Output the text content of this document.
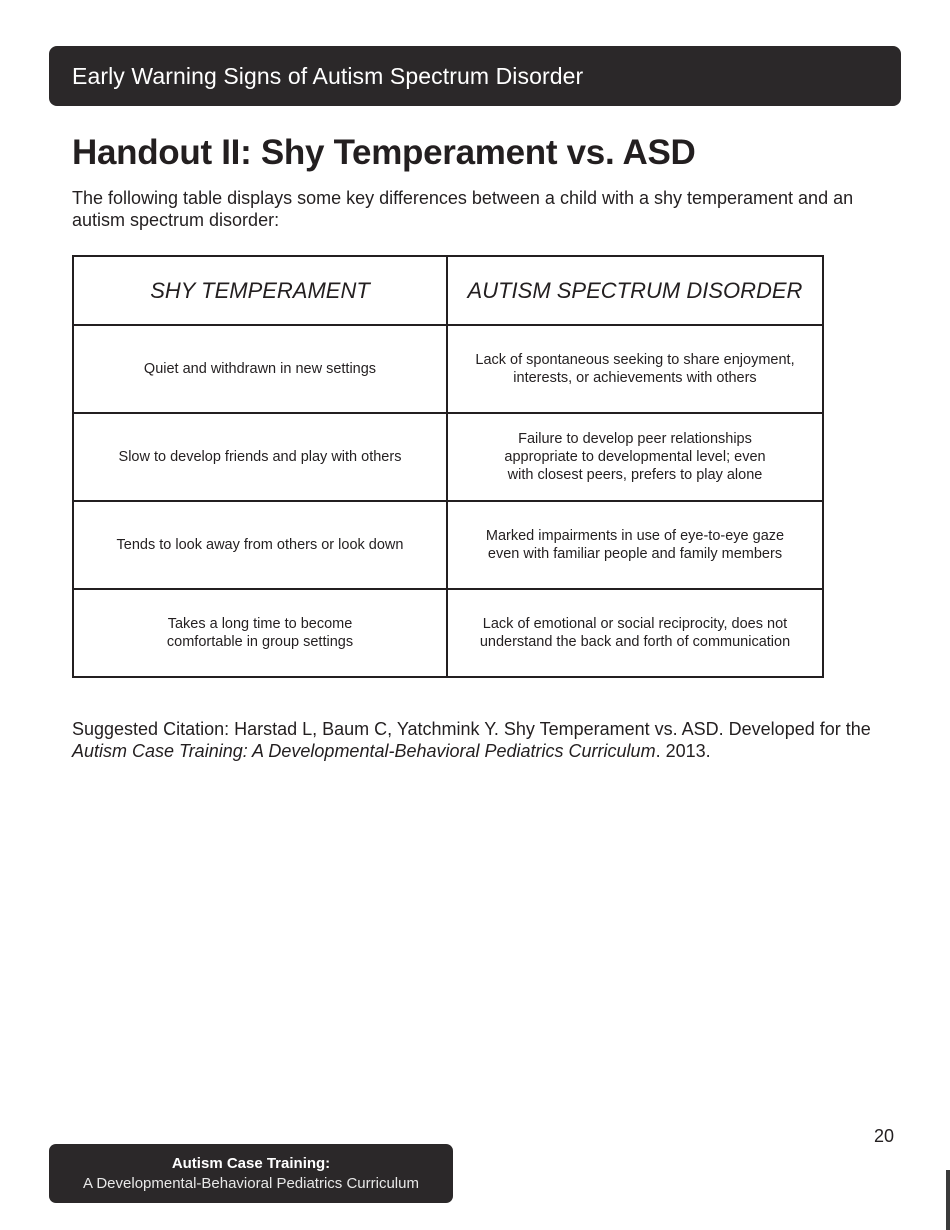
Early Warning Signs of Autism Spectrum Disorder
Handout II: Shy Temperament vs. ASD

The following table displays some key differences between a child with a shy temperament and an autism spectrum disorder:

SHY TEMPERAMENT	AUTISM SPECTRUM DISORDER
Quiet and withdrawn in new settings	Lack of spontaneous seeking to share enjoyment,
interests, or achievements with others
Slow to develop friends and play with others	Failure to develop peer relationships
appropriate to developmental level; even
with closest peers, prefers to play alone
Tends to look away from others or look down	Marked impairments in use of eye-to-eye gaze
even with familiar people and family members
Takes a long time to become
comfortable in group settings	Lack of emotional or social reciprocity, does not
understand the back and forth of communication

Suggested Citation: Harstad L, Baum C, Yatchmink Y. Shy Temperament vs. ASD. Developed for the Autism Case Training: A Developmental-Behavioral Pediatrics Curriculum. 2013.

20
Autism Case Training:
A Developmental-Behavioral Pediatrics Curriculum
